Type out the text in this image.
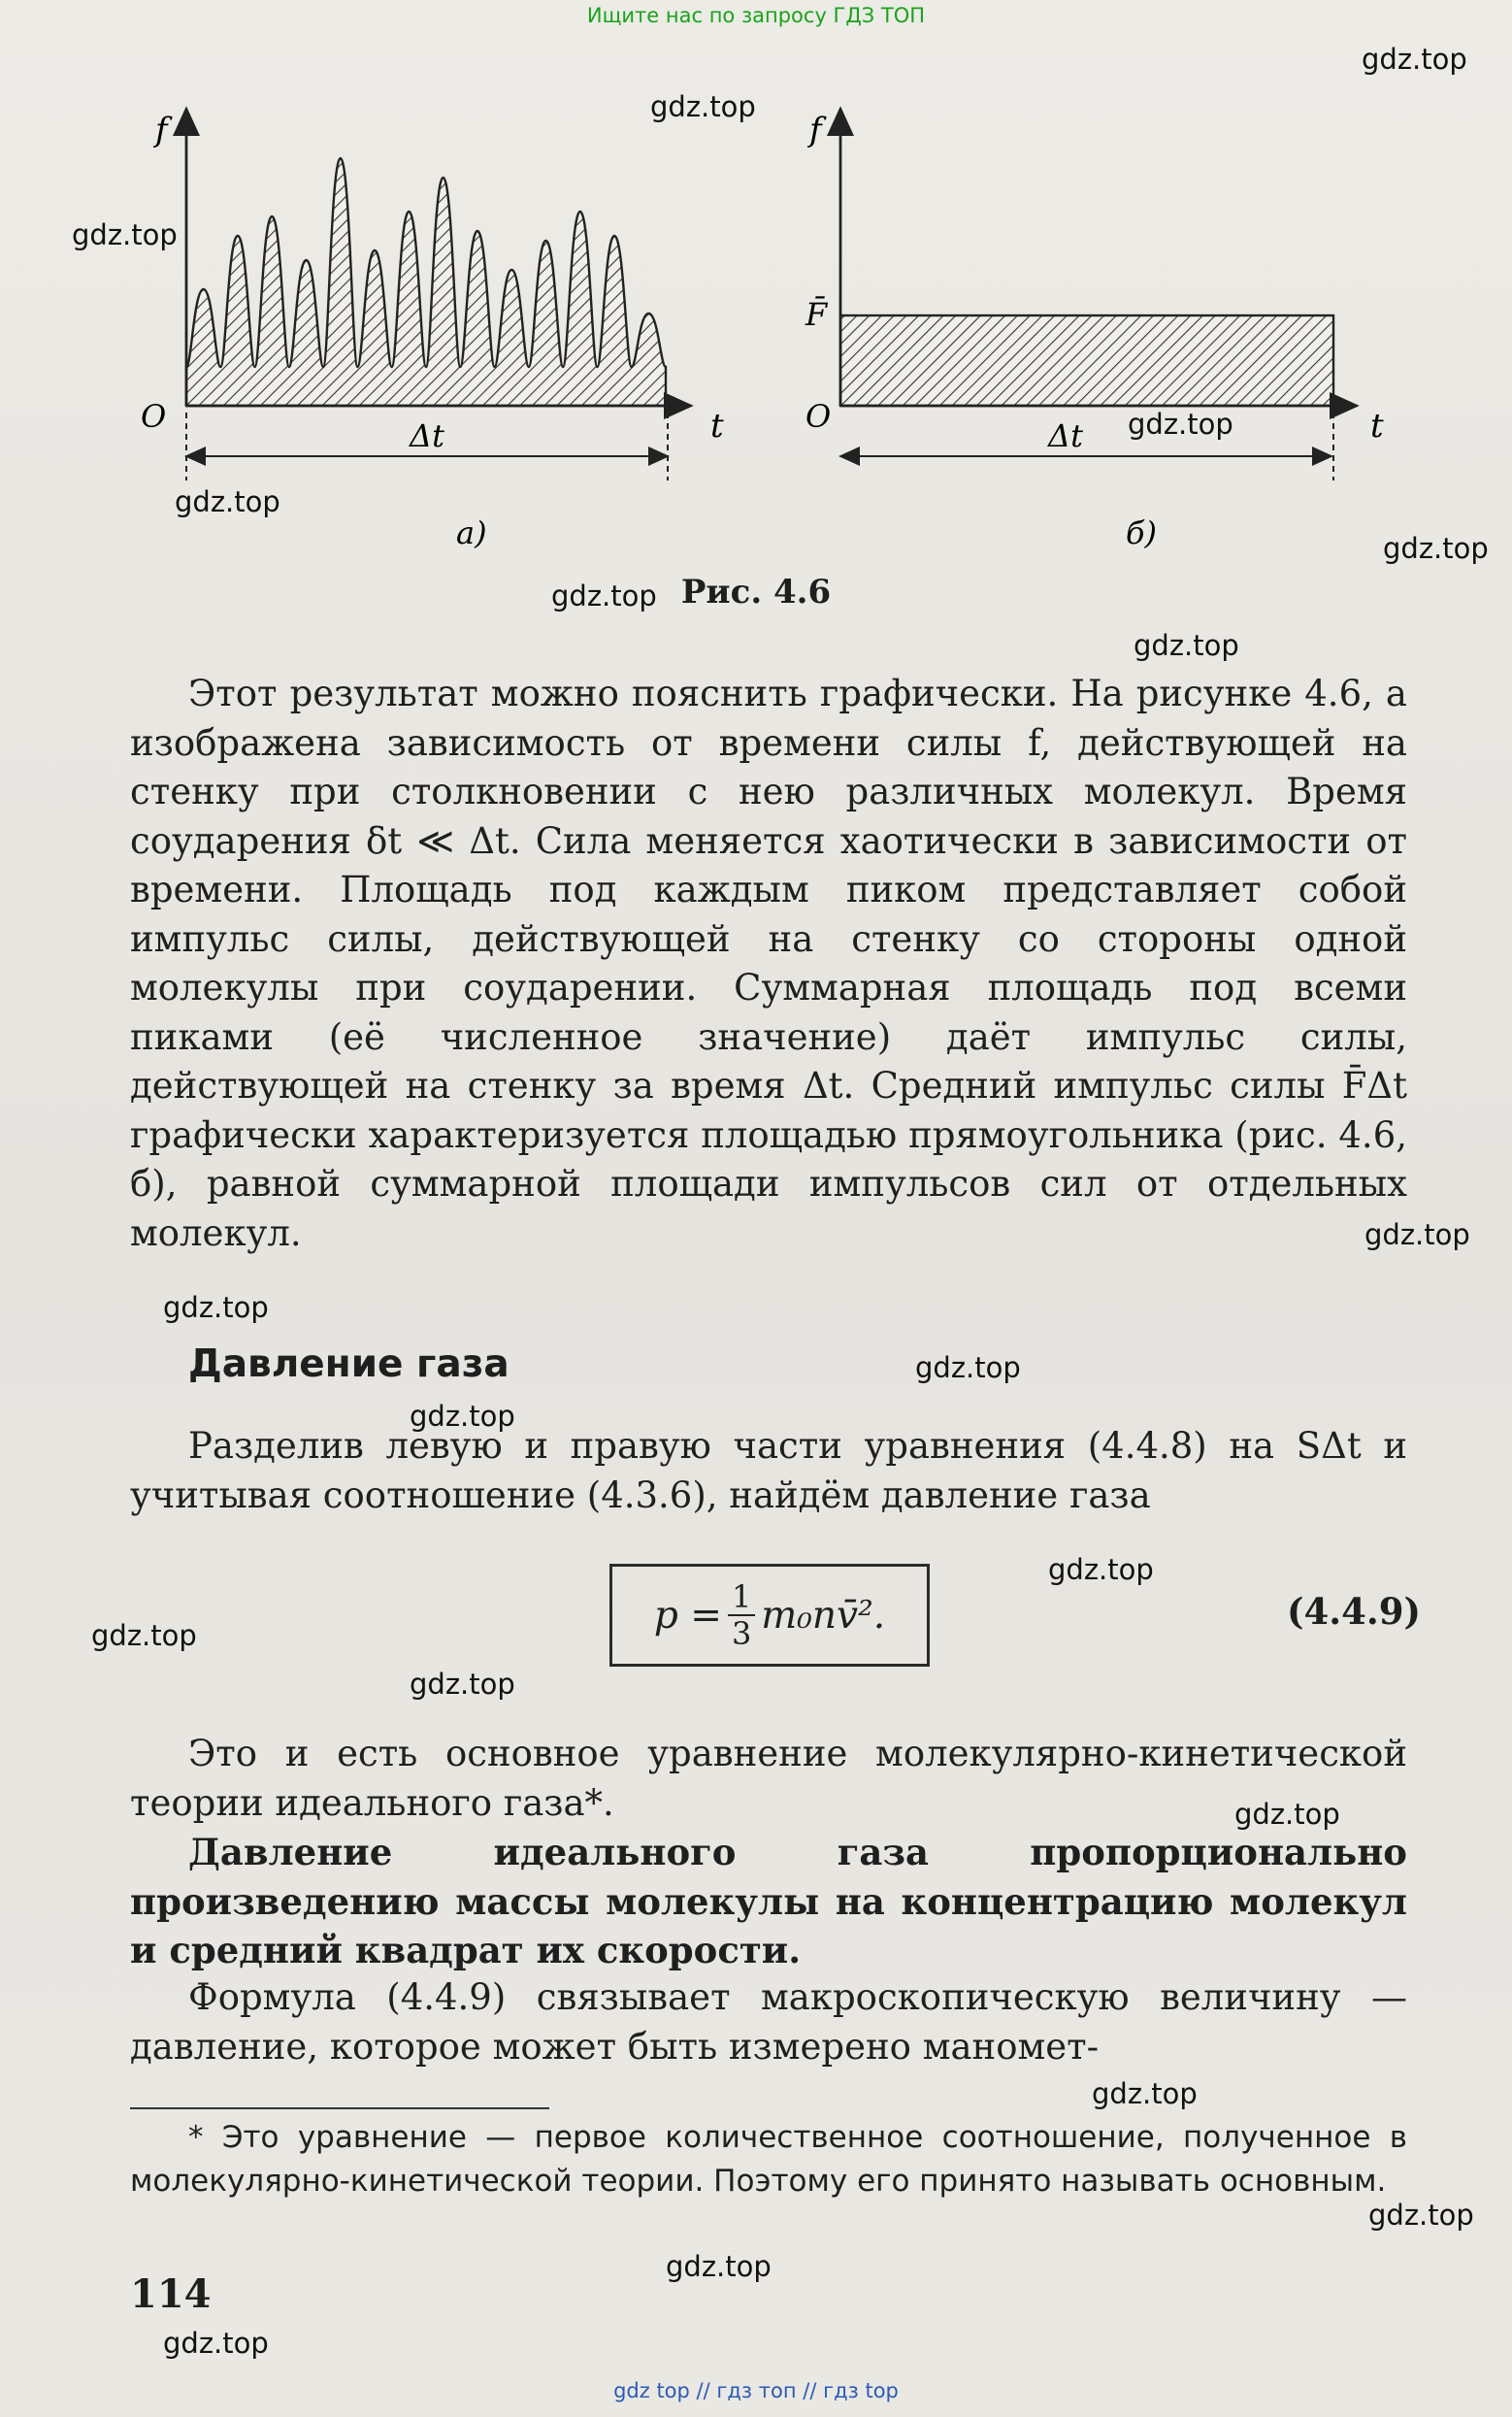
Ищите нас по запросу ГДЗ ТОП
f
t
O
Δt
а)
f
t
O
F̄
Δt
б)
Рис. 4.6
Этот результат можно пояснить графически. На рисунке 4.6, а изображена зависимость от времени силы f, действующей на стенку при столкновении с нею различных молекул. Время соударения δt ≪ Δt. Сила меняется хаотически в зависимости от времени. Площадь под каждым пиком представляет собой импульс силы, действующей на стенку со стороны одной молекулы при соударении. Суммарная площадь под всеми пиками (её численное значение) даёт импульс силы, действующей на стенку за время Δt. Средний импульс силы F̄Δt графически характеризуется площадью прямоугольника (рис. 4.6, б), равной суммарной площади импульсов сил от отдельных молекул.
Давление газа
Разделив левую и правую части уравнения (4.4.8) на SΔt и учитывая соотношение (4.3.6), найдём давление газа
$p = \frac{1}{3}$ m₀nv̄².	(4.4.9)
Это и есть основное уравнение молекулярно-кинетической теории идеального газа*.
Давление идеального газа пропорционально произведению массы молекулы на концентрацию молекул и средний квадрат их скорости.
Формула (4.4.9) связывает макроскопическую величину — давление, которое может быть измерено маномет-
* Это уравнение — первое количественное соотношение, полученное в молекулярно-кинетической теории. Поэтому его принято называть основным.
114
gdz.top
gdz.top
gdz.top
gdz.top
gdz.top
gdz.top
gdz.top
gdz.top
gdz.top
gdz.top
gdz.top
gdz.top
gdz.top
gdz.top
gdz.top
gdz.top
gdz.top
gdz.top
gdz.top
gdz.top
gdz top // гдз топ // гдз top
